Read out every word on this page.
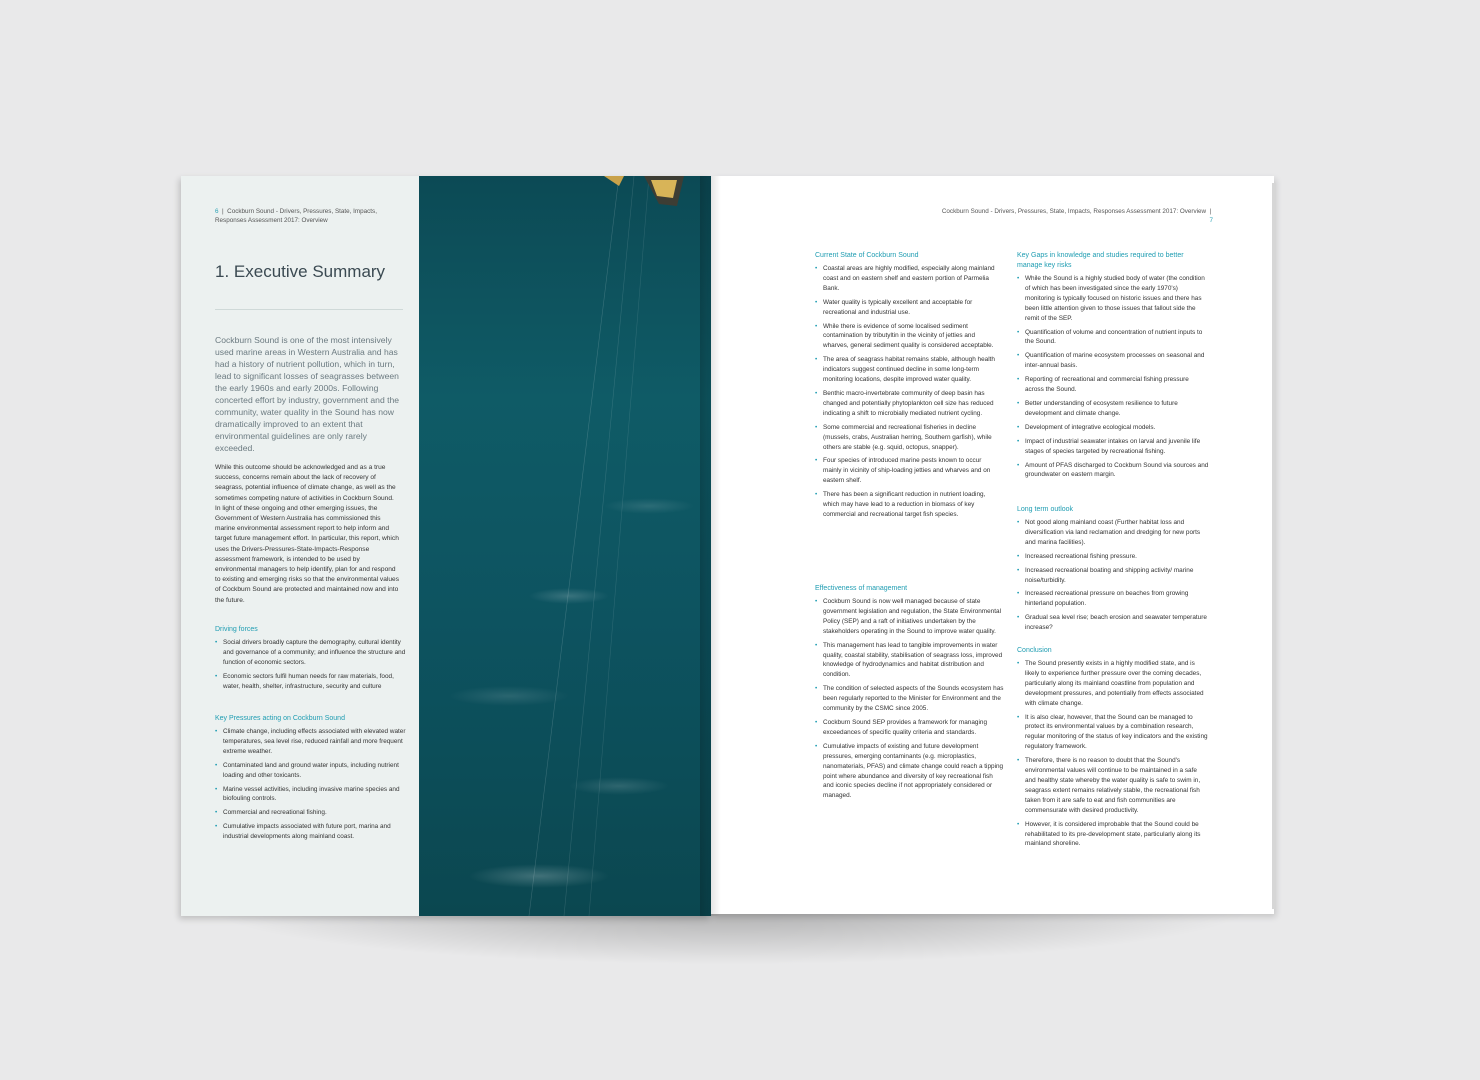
6  |  Cockburn Sound - Drivers, Pressures, State, Impacts,
Responses Assessment 2017: Overview
1. Executive Summary

Cockburn Sound is one of the most intensively used marine areas in Western Australia and has had a history of nutrient pollution, which in turn, lead to significant losses of seagrasses between the early 1960s and early 2000s. Following concerted effort by industry, government and the community, water quality in the Sound has now dramatically improved to an extent that environmental guidelines are only rarely exceeded.

While this outcome should be acknowledged and as a true success, concerns remain about the lack of recovery of seagrass, potential influence of climate change, as well as the sometimes competing nature of activities in Cockburn Sound. In light of these ongoing and other emerging issues, the Government of Western Australia has commissioned this marine environmental assessment report to help inform and target future management effort. In particular, this report, which uses the Drivers-Pressures-State-Impacts-Response assessment framework, is intended to be used by environmental managers to help identify, plan for and respond to existing and emerging risks so that the environmental values of Cockburn Sound are protected and maintained now and into the future.

Driving forces

• Social drivers broadly capture the demography, cultural identity and governance of a community; and influence the structure and function of economic sectors.
• Economic sectors fulfil human needs for raw materials, food, water, health, shelter, infrastructure, security and culture

Key Pressures acting on Cockburn Sound

• Climate change, including effects associated with elevated water temperatures, sea level rise, reduced rainfall and more frequent extreme weather.
• Contaminated land and ground water inputs, including nutrient loading and other toxicants.
• Marine vessel activities, including invasive marine species and biofouling controls.
• Commercial and recreational fishing.
• Cumulative impacts associated with future port, marina and industrial developments along mainland coast.
Cockburn Sound - Drivers, Pressures, State, Impacts, Responses Assessment 2017: Overview  |  7

Current State of Cockburn Sound

• Coastal areas are highly modified, especially along mainland coast and on eastern shelf and eastern portion of Parmelia Bank.
• Water quality is typically excellent and acceptable for recreational and industrial use.
• While there is evidence of some localised sediment contamination by tributyltin in the vicinity of jetties and wharves, general sediment quality is considered acceptable.
• The area of seagrass habitat remains stable, although health indicators suggest continued decline in some long-term monitoring locations, despite improved water quality.
• Benthic macro-invertebrate community of deep basin has changed and potentially phytoplankton cell size has reduced indicating a shift to microbially mediated nutrient cycling.
• Some commercial and recreational fisheries in decline (mussels, crabs, Australian herring, Southern garfish), while others are stable (e.g. squid, octopus, snapper).
• Four species of introduced marine pests known to occur mainly in vicinity of ship-loading jetties and wharves and on eastern shelf.
• There has been a significant reduction in nutrient loading, which may have lead to a reduction in biomass of key commercial and recreational target fish species.

Effectiveness of management

• Cockburn Sound is now well managed because of state government legislation and regulation, the State Environmental Policy (SEP) and a raft of initiatives undertaken by the stakeholders operating in the Sound to improve water quality.
• This management has lead to tangible improvements in water quality, coastal stability, stabilisation of seagrass loss, improved knowledge of hydrodynamics and habitat distribution and condition.
• The condition of selected aspects of the Sounds ecosystem has been regularly reported to the Minister for Environment and the community by the CSMC since 2005.
• Cockburn Sound SEP provides a framework for managing exceedances of specific quality criteria and standards.
• Cumulative impacts of existing and future development pressures, emerging contaminants (e.g. microplastics, nanomaterials, PFAS) and climate change could reach a tipping point where abundance and diversity of key recreational fish and iconic species decline if not appropriately considered or managed.

Key Gaps in knowledge and studies required to better manage key risks

• While the Sound is a highly studied body of water (the condition of which has been investigated since the early 1970's) monitoring is typically focused on historic issues and there has been little attention given to those issues that fallout side the remit of the SEP.
• Quantification of volume and concentration of nutrient inputs to the Sound.
• Quantification of marine ecosystem processes on seasonal and inter-annual basis.
• Reporting of recreational and commercial fishing pressure across the Sound.
• Better understanding of ecosystem resilience to future development and climate change.
• Development of integrative ecological models.
• Impact of industrial seawater intakes on larval and juvenile life stages of species targeted by recreational fishing.
• Amount of PFAS discharged to Cockburn Sound via sources and groundwater on eastern margin.

Long term outlook

• Not good along mainland coast (Further habitat loss and diversification via land reclamation and dredging for new ports and marina facilities).
• Increased recreational fishing pressure.
• Increased recreational boating and shipping activity/ marine noise/turbidity.
• Increased recreational pressure on beaches from growing hinterland population.
• Gradual sea level rise; beach erosion and seawater temperature increase?

Conclusion

• The Sound presently exists in a highly modified state, and is likely to experience further pressure over the coming decades, particularly along its mainland coastline from population and development pressures, and potentially from effects associated with climate change.
• It is also clear, however, that the Sound can be managed to protect its environmental values by a combination research, regular monitoring of the status of key indicators and the existing regulatory framework.
• Therefore, there is no reason to doubt that the Sound's environmental values will continue to be maintained in a safe and healthy state whereby the water quality is safe to swim in, seagrass extent remains relatively stable, the recreational fish taken from it are safe to eat and fish communities are commensurate with desired productivity.
• However, it is considered improbable that the Sound could be rehabilitated to its pre-development state, particularly along its mainland shoreline.
